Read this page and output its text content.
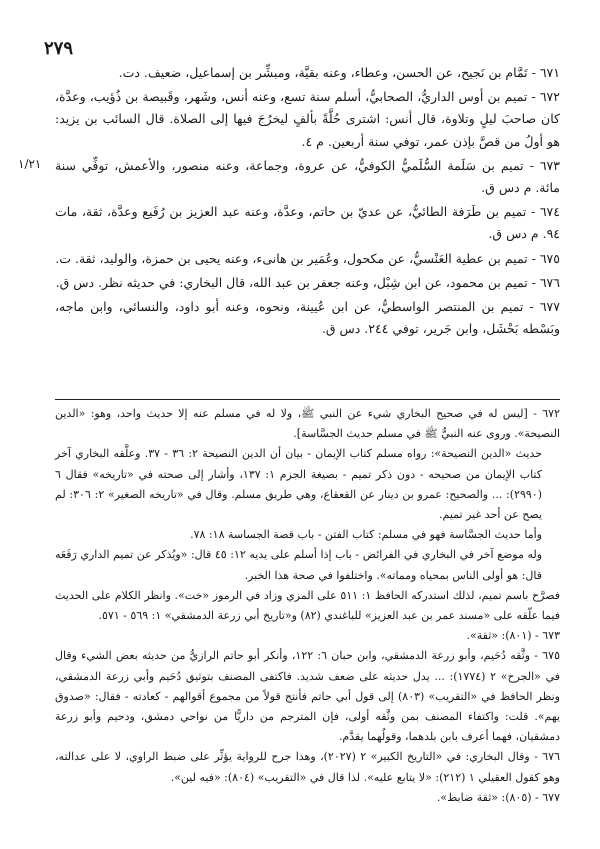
٢٧٩
١/٢١

٦٧١ - تَمَّام بن نَجيح، عن الحسن، وعطاء، وعنه بقيَّة، ومبشِّر بن إسماعيل، ضعيف. دت.

٦٧٢ - تميم بن أوس الداريُّ، الصحابيُّ، أسلم سنة تسع، وعنه أنس، وشَهر، وقَبيصة بن ذُؤيب، وعدَّة، كان صاحبَ ليلٍ وتلاوة، قال أنس: اشترى حُلَّةً بألفٍ ليخرُجَ فيها إلى الصلاة. قال السائب بن يزيد: هو أولُ من قصَّ بإذن عمر، توفي سنة أربعين. م ٤.

٦٧٣ - تميم بن سَلَمة السُّلَميُّ الكوفيُّ، عن عروة، وجماعة، وعنه منصور، والأعمش، توفِّي سنة مائة. م دس ق.

٦٧٤ - تميم بن طَرَفة الطائيُّ، عن عديّ بن حاتم، وعدَّة، وعنه عبد العزيز بن رُفَيع وعدَّة، ثقة، مات ٩٤. م دس ق.

٦٧٥ - تميم بن عطية العَنْسيُّ، عن مكحول، وعُمَير بن هانىء، وعنه يحيى بن حمزة، والوليد، ثقة. ت.

٦٧٦ - تميم بن محمود، عن ابن شِبْل، وعنه جعفر بن عبد الله، قال البخاري: في حديثه نظر. دس ق.

٦٧٧ - تميم بن المنتصر الواسطيُّ، عن ابن عُيينة، ونحوه، وعنه أبو داود، والنسائي، وابن ماجه، وبَسْطه بَحْشَل، وابن جَرير، توفي ٢٤٤. دس ق.

٦٧٢ - [ليس له في صحيح البخاري شيء عن النبي ﷺ، ولا له في مسلم عنه إلا حديث واحد، وهو: «الدين النصيحة». وروى عنه النبيُّ ﷺ في مسلم حديث الجسَّاسة].

حديث «الدين النصيحة»: رواه مسلم كتاب الإيمان - بيان أن الدين النصيحة ٢: ٣٦ - ٣٧. وعلَّقه البخاري آخر كتاب الإيمان من صحيحه - دون ذكر تميم - بصيغة الجزم ١: ١٣٧، وأشار إلى صحته في «تاريخه» فقال ٦ (٢٩٩٠): ... والصحيح: عمرو بن دينار عن القعقاع، وهي طريق مسلم. وقال في «تاريخه الصغير» ٢: ٣٠٦: لم يصح عن أحد غير تميم.

وأما حديث الجسَّاسة فهو في مسلم: كتاب الفتن - باب قصة الجساسة ١٨: ٧٨.

وله موضع آخر في البخاري في الفرائض - باب إذا أسلم على يديه ١٢: ٤٥ قال: «ويُذكر عن تميم الداري رَفَعَه قال: هو أولى الناس بمحياه ومماته». واختلفوا في صحة هذا الخبر.

فصرَّح باسم تميم، لذلك استدركه الحافظ ١: ٥١١ على المزي وزاد في الرموز «خت». وانظر الكلام على الحديث فيما علّقه على «مسند عمر بن عبد العزيز» للباغندي (٨٢) و«تاريخ أبي زرعة الدمشقي» ١: ٥٦٩ - ٥٧١.

٦٧٣ - (٨٠١): «ثقة».

٦٧٥ - وثَّقه دُحَيم، وأبو زرعة الدمشقي، وابن حبان ٦: ١٢٢، وأنكر أبو حاتم الرازيُّ من حديثه بعض الشيء وقال في «الجرح» ٢ (١٧٧٤): ... يدل حديثه على ضعف شديد. فاكتفى المصنف بتوثيق دُحَيم وأبي زرعة الدمشقي، ونظر الحافظ في «التقريب» (٨٠٣) إلى قول أبي حاتم فأنتج قولاً من مجموع أقوالهم - كعادته - فقال: «صدوق يهم». قلت: واكتفاء المصنف بمن وثَّقه أولى، فإن المترجم من داريًّا من نواحي دمشق، ودحيم وأبو زرعة دمشقيان، فهما أعرف بابن بلدهما، وقولُهما يقدَّم.

٦٧٦ - وقال البخاري: في «التاريخ الكبير» ٢ (٢٠٢٧)، وهذا جرح للرواية يؤثِّر على ضبط الراوي، لا على عدالته، وهو كقول العقيلي ١ (٢١٢): «لا يتابع عليه». لذا قال في «التقريب» (٨٠٤): «فيه لين».

٦٧٧ - (٨٠٥): «ثقة ضابط».
